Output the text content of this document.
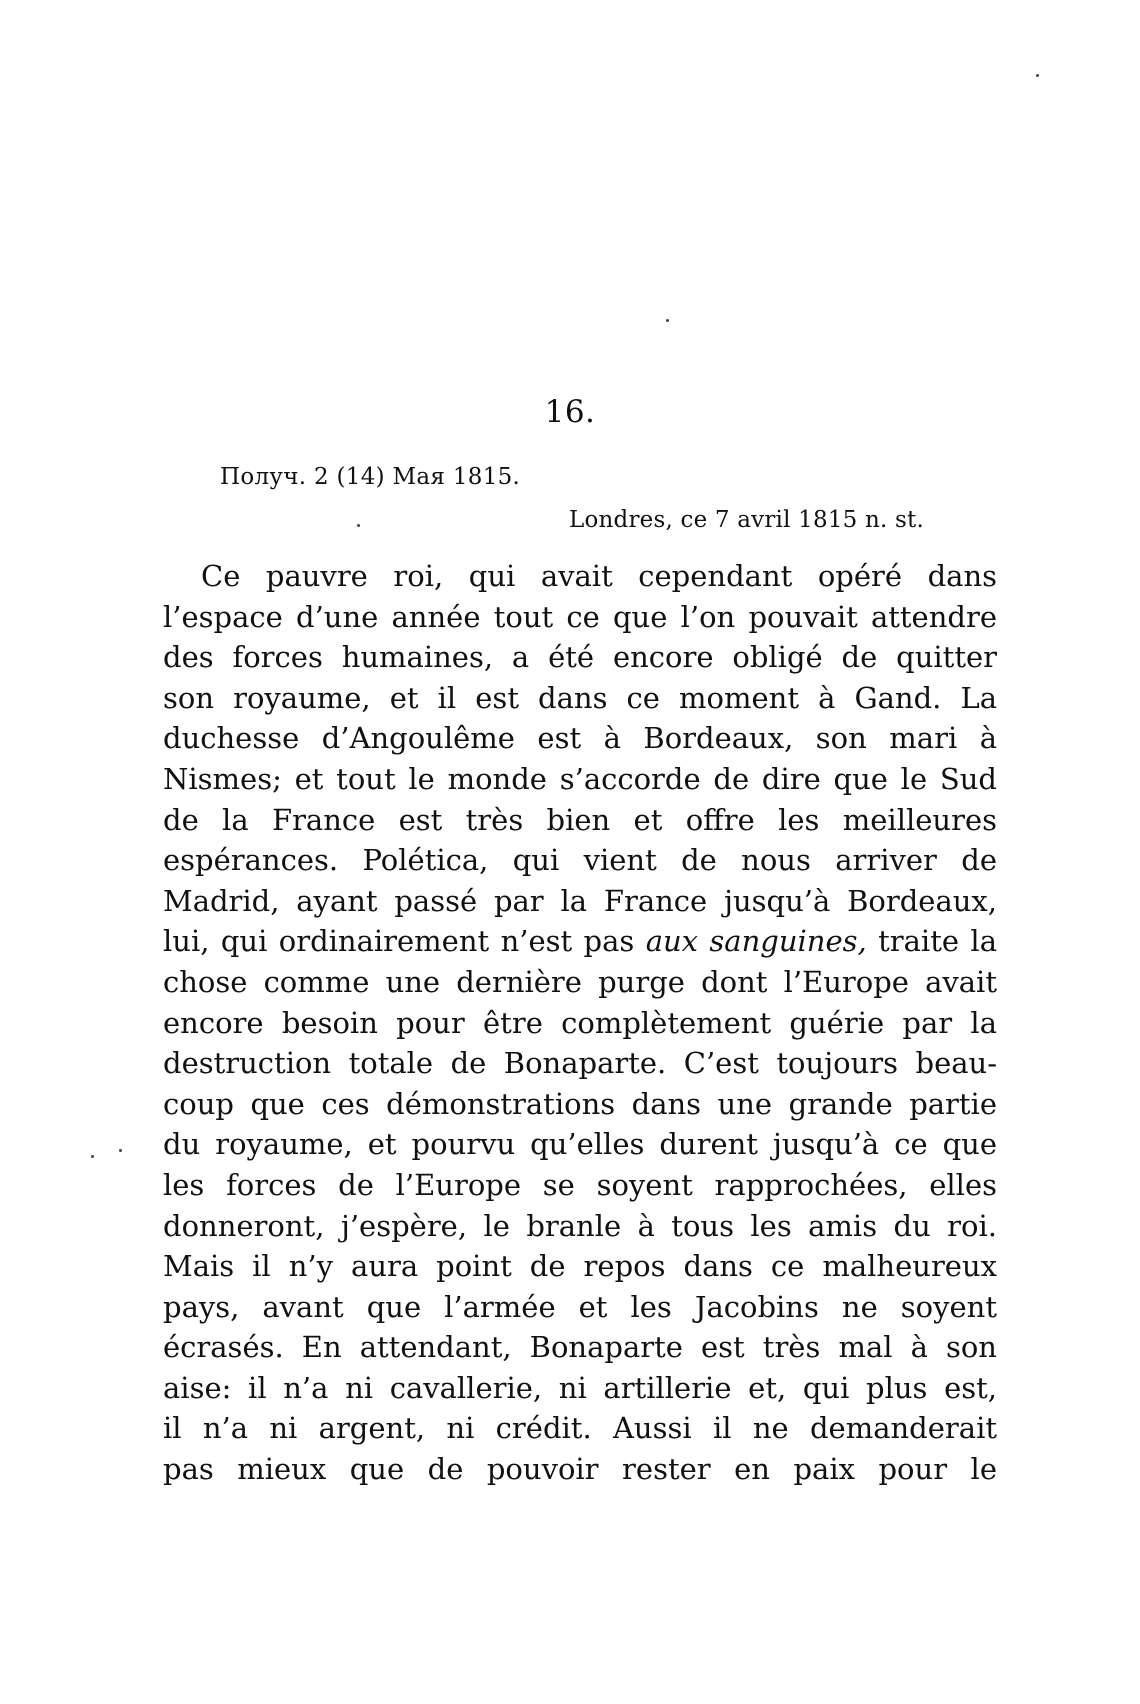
16.
Получ. 2 (14) Мая 1815.
Londres, ce 7 avril 1815 n. st.
Ce pauvre roi, qui avait cependant opéré dans
l’espace d’une année tout ce que l’on pouvait attendre
des forces humaines, a été encore obligé de quitter
son royaume, et il est dans ce moment à Gand. La
duchesse d’Angoulême est à Bordeaux, son mari à
Nismes; et tout le monde s’accorde de dire que le Sud
de la France est très bien et offre les meilleures
espérances. Polética, qui vient de nous arriver de
Madrid, ayant passé par la France jusqu’à Bordeaux,
lui, qui ordinairement n’est pas aux sanguines, traite la
chose comme une dernière purge dont l’Europe avait
encore besoin pour être complètement guérie par la
destruction totale de Bonaparte. C’est toujours beau-
coup que ces démonstrations dans une grande partie
du royaume, et pourvu qu’elles durent jusqu’à ce que
les forces de l’Europe se soyent rapprochées, elles
donneront, j’espère, le branle à tous les amis du roi.
Mais il n’y aura point de repos dans ce malheureux
pays, avant que l’armée et les Jacobins ne soyent
écrasés. En attendant, Bonaparte est très mal à son
aise: il n’a ni cavallerie, ni artillerie et, qui plus est,
il n’a ni argent, ni crédit. Aussi il ne demanderait
pas mieux que de pouvoir rester en paix pour le
